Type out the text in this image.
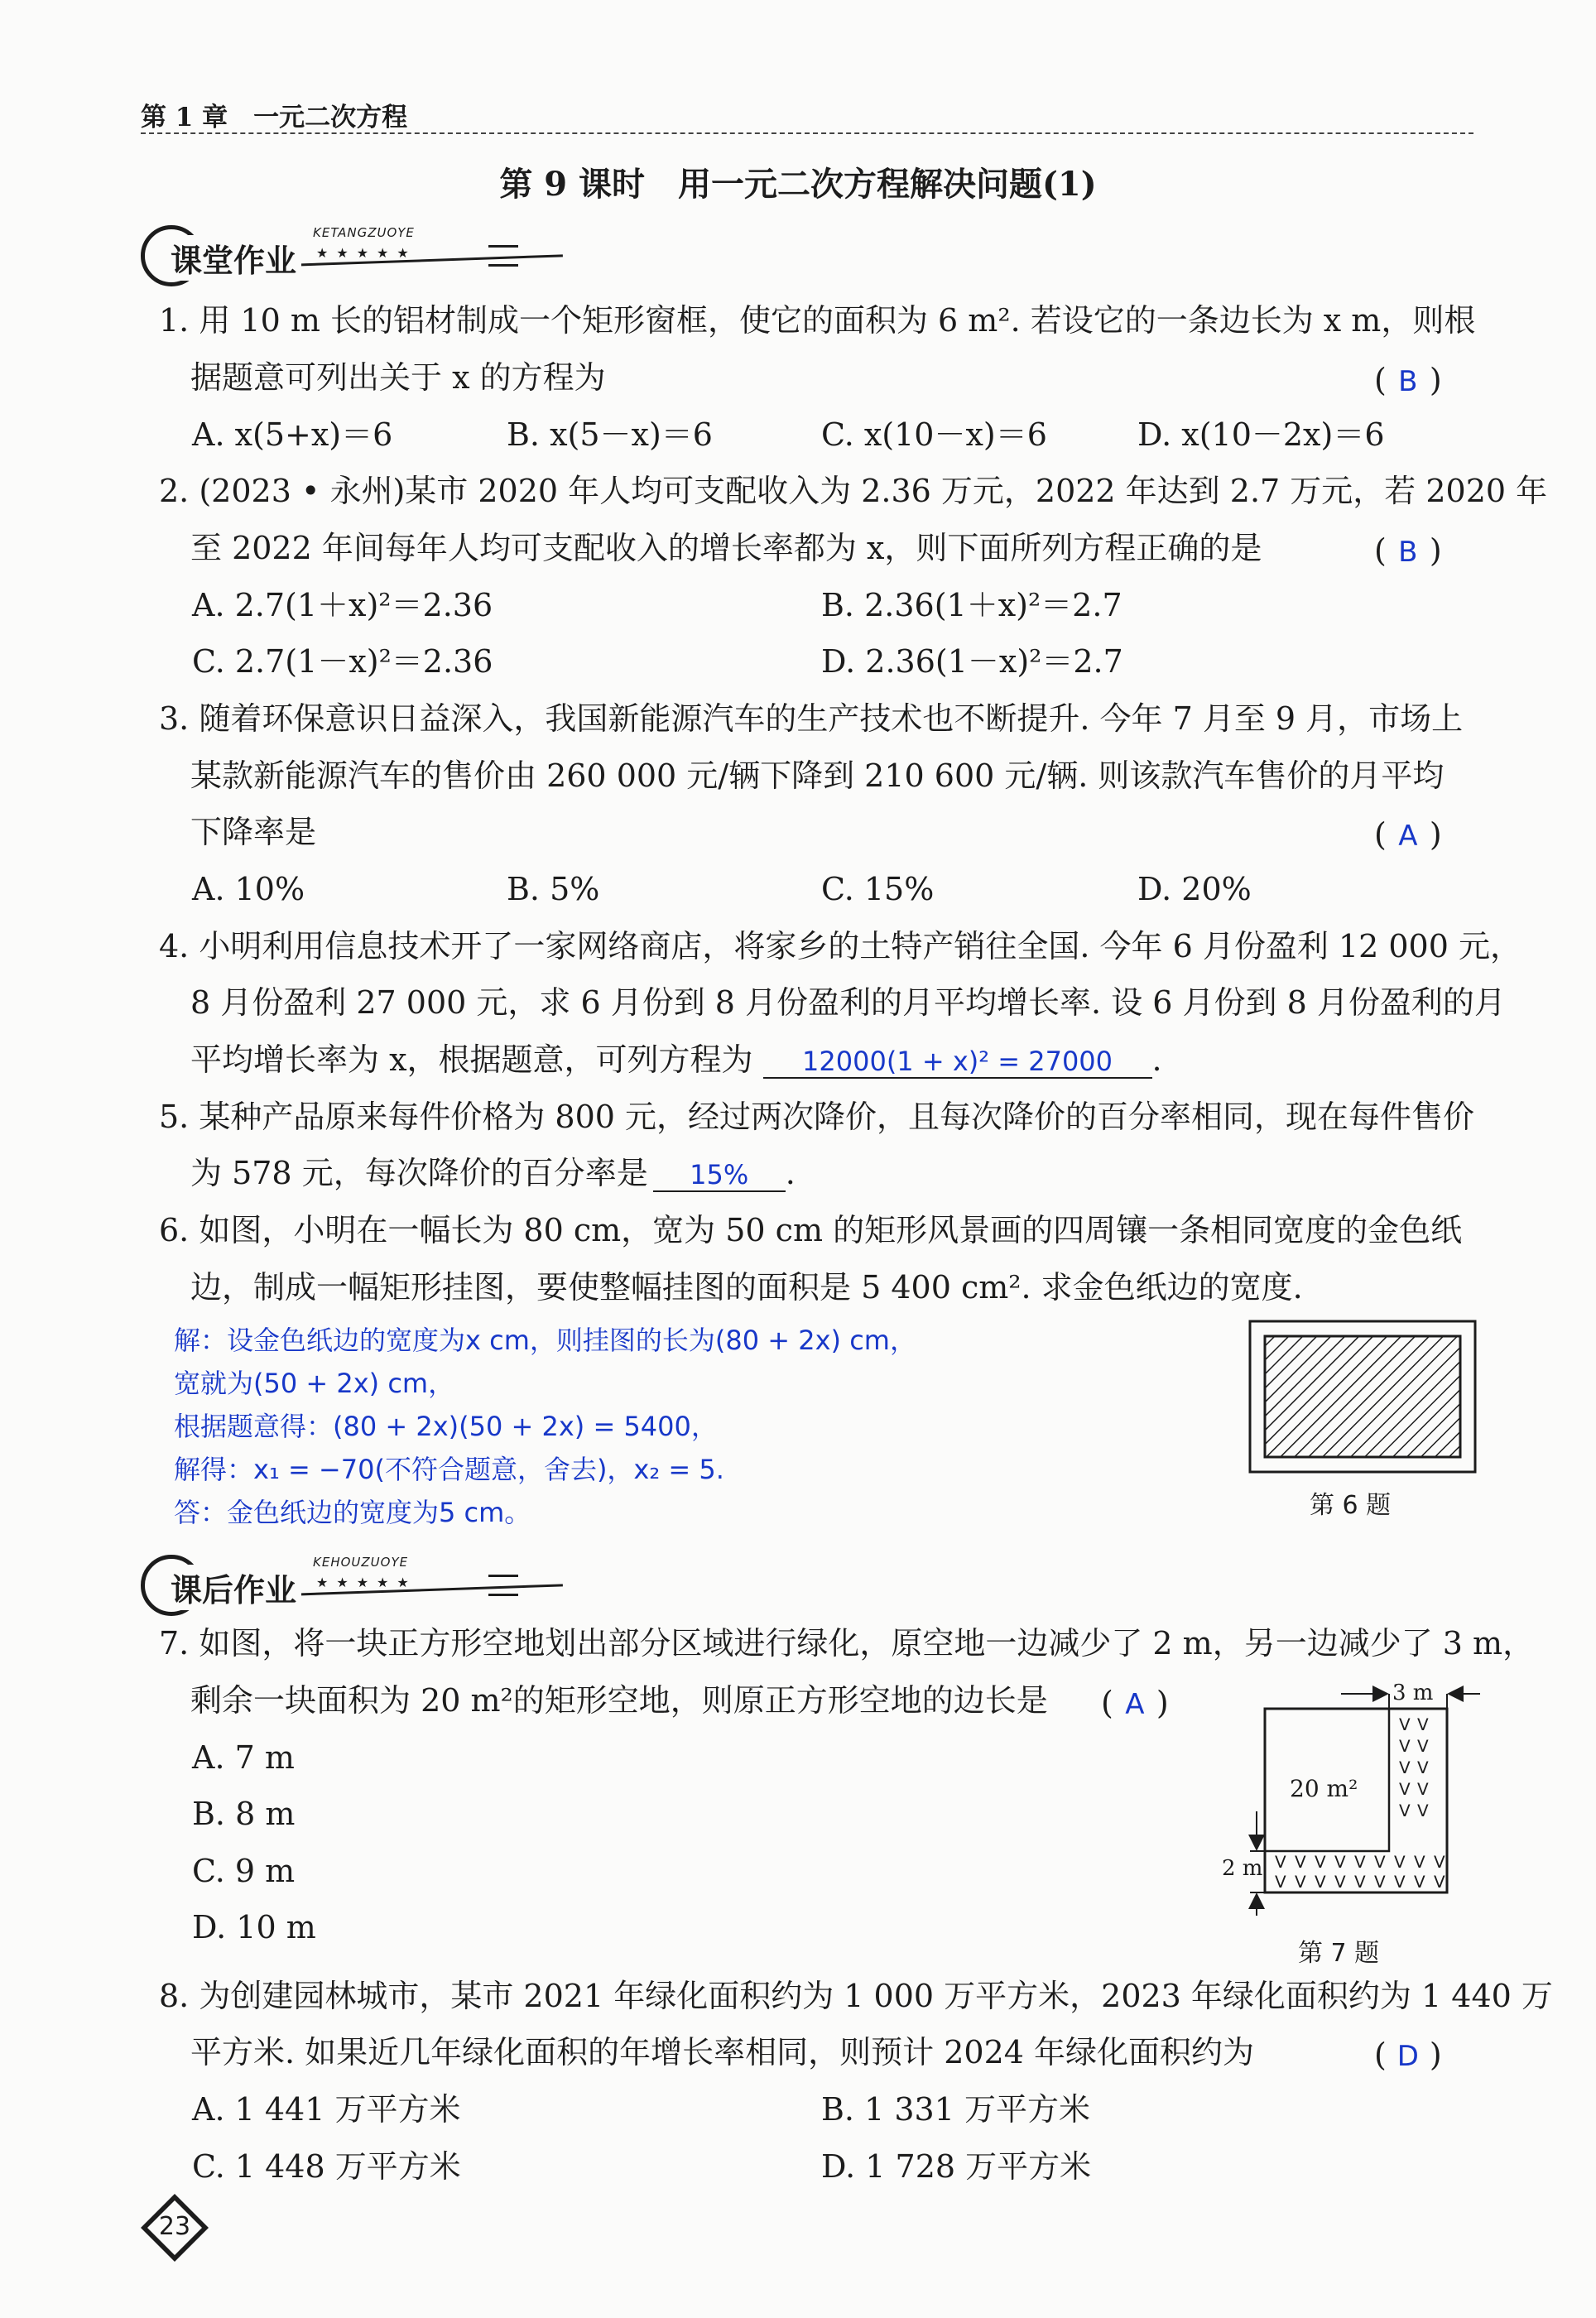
第 1 章　一元二次方程
第 9 课时　用一元二次方程解决问题(1)
课堂作业
KETANGZUOYE
★★★★★
1. 用 10 m 长的铝材制成一个矩形窗框，使它的面积为 6 m². 若设它的一条边长为 x m，则根
据题意可列出关于 x 的方程为	( B )
A. x(5+x)＝6	B. x(5－x)＝6	C. x(10－x)＝6	D. x(10－2x)＝6
2. (2023 • 永州)某市 2020 年人均可支配收入为 2.36 万元，2022 年达到 2.7 万元，若 2020 年
至 2022 年间每年人均可支配收入的增长率都为 x，则下面所列方程正确的是	( B )
A. 2.7(1＋x)²＝2.36	B. 2.36(1＋x)²＝2.7
C. 2.7(1－x)²＝2.36	D. 2.36(1－x)²＝2.7
3. 随着环保意识日益深入，我国新能源汽车的生产技术也不断提升. 今年 7 月至 9 月，市场上
某款新能源汽车的售价由 260 000 元/辆下降到 210 600 元/辆. 则该款汽车售价的月平均
下降率是	( A )
A. 10%	B. 5%	C. 15%	D. 20%
4. 小明利用信息技术开了一家网络商店，将家乡的土特产销往全国. 今年 6 月份盈利 12 000 元，
8 月份盈利 27 000 元，求 6 月份到 8 月份盈利的月平均增长率. 设 6 月份到 8 月份盈利的月
平均增长率为 x，根据题意，可列方程为 12000(1 + x)² = 27000 .
5. 某种产品原来每件价格为 800 元，经过两次降价，且每次降价的百分率相同，现在每件售价
为 578 元，每次降价的百分率是 15% .
6. 如图，小明在一幅长为 80 cm，宽为 50 cm 的矩形风景画的四周镶一条相同宽度的金色纸
边，制成一幅矩形挂图，要使整幅挂图的面积是 5 400 cm². 求金色纸边的宽度.
解：设金色纸边的宽度为x cm，则挂图的长为(80 + 2x) cm，
宽就为(50 + 2x) cm，
根据题意得：(80 + 2x)(50 + 2x) = 5400，
解得：x₁ = −70(不符合题意，舍去)，x₂ = 5.
答：金色纸边的宽度为5 cm。	第 6 题
课后作业
KEHOUZUOYE
★★★★★
7. 如图，将一块正方形空地划出部分区域进行绿化，原空地一边减少了 2 m，另一边减少了 3 m，
剩余一块面积为 20 m²的矩形空地，则原正方形空地的边长是 ( A )
A. 7 m
B. 8 m
C. 9 m
D. 10 m
ᐯ ᐯ
ᐯ ᐯ
ᐯ ᐯ
ᐯ ᐯ
ᐯ ᐯ
ᐯ ᐯ ᐯ ᐯ ᐯ ᐯ ᐯ ᐯ ᐯ
ᐯ ᐯ ᐯ ᐯ ᐯ ᐯ ᐯ ᐯ ᐯ
3 m
2 m
20 m²
第 7 题
8. 为创建园林城市，某市 2021 年绿化面积约为 1 000 万平方米，2023 年绿化面积约为 1 440 万
平方米. 如果近几年绿化面积的年增长率相同，则预计 2024 年绿化面积约为	( D )
A. 1 441 万平方米	B. 1 331 万平方米
C. 1 448 万平方米	D. 1 728 万平方米
23
